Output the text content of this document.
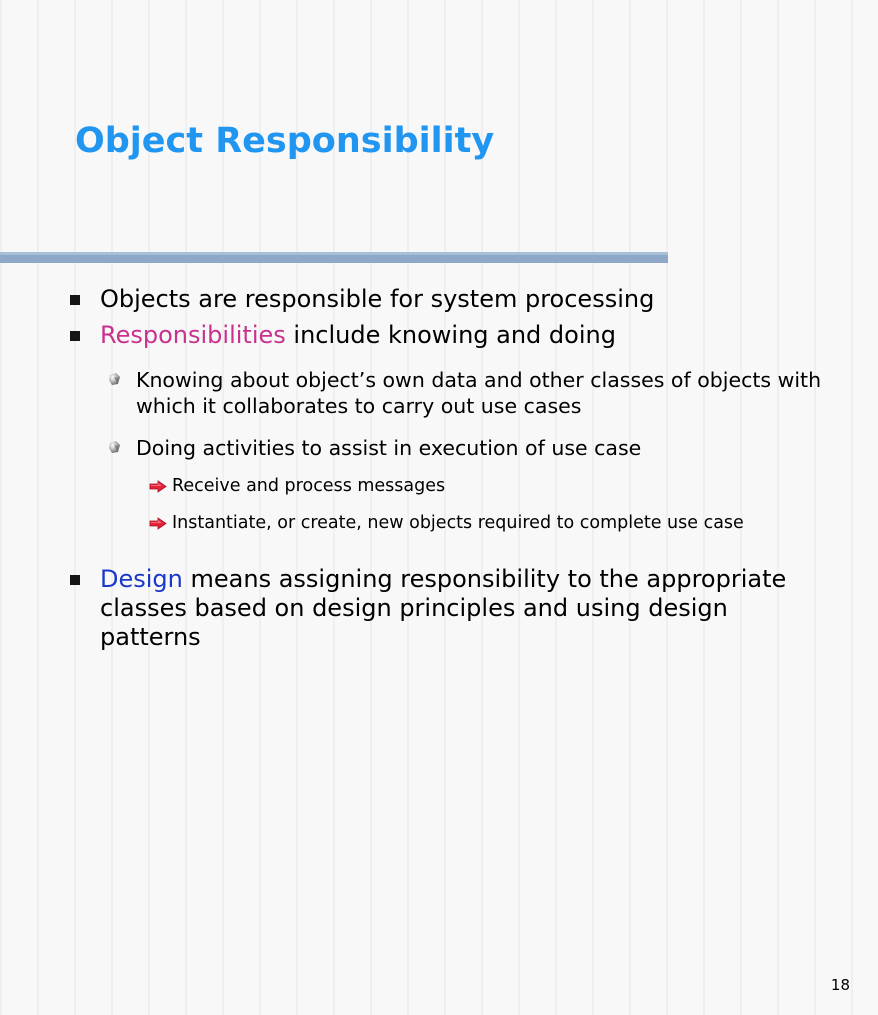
Object Responsibility
Objects are responsible for system processing
Responsibilities include knowing and doing
Knowing about object’s own data and other classes of objects with which it collaborates to carry out use cases
Doing activities to assist in execution of use case
Receive and process messages
Instantiate, or create, new objects required to complete use case
Design means assigning responsibility to the appropriate classes based on design principles and using design patterns
18
